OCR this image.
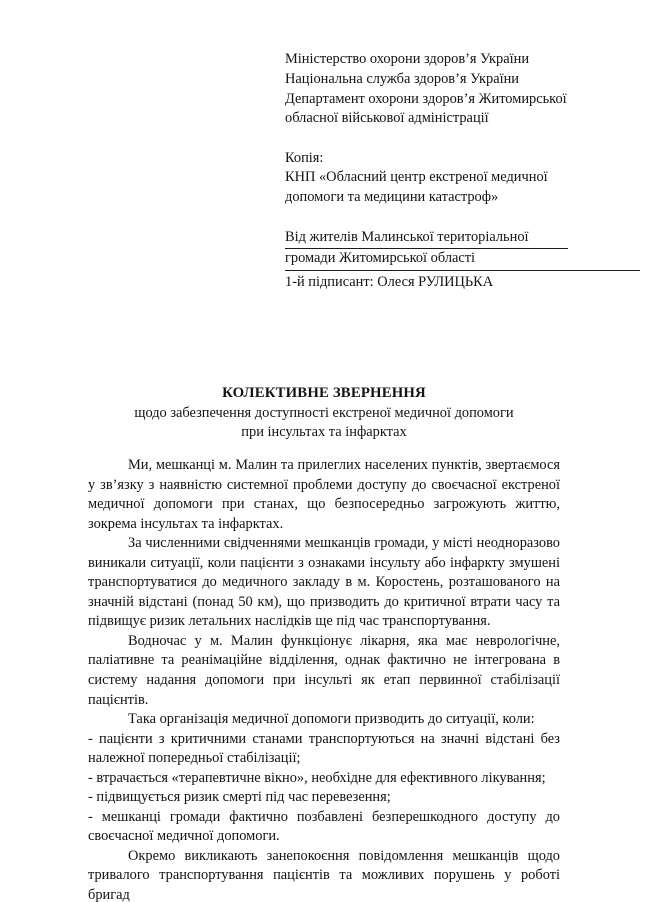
Міністерство охорони здоров’я України
Національна служба здоров’я України
Департамент охорони здоров’я Житомирської
обласної військової адміністрації
Копія:
КНП «Обласний центр екстреної медичної
допомоги та медицини катастроф»
Від жителів Малинської територіальної
громади Житомирської області
1-й підписант: Олеся РУЛИЦЬКА
КОЛЕКТИВНЕ ЗВЕРНЕННЯ
щодо забезпечення доступності екстреної медичної допомоги
при інсультах та інфарктах

Ми, мешканці м. Малин та прилеглих населених пунктів, звертаємося у зв’язку з наявністю системної проблеми доступу до своєчасної екстреної медичної допомоги при станах, що безпосередньо загрожують життю, зокрема інсультах та інфарктах.

За численними свідченнями мешканців громади, у місті неодноразово виникали ситуації, коли пацієнти з ознаками інсульту або інфаркту змушені транспортуватися до медичного закладу в м. Коростень, розташованого на значній відстані (понад 50 км), що призводить до критичної втрати часу та підвищує ризик летальних наслідків ще під час транспортування.

Водночас у м. Малин функціонує лікарня, яка має неврологічне, паліативне та реанімаційне відділення, однак фактично не інтегрована в систему надання допомоги при інсульті як етап первинної стабілізації пацієнтів.

Така організація медичної допомоги призводить до ситуації, коли:

- пацієнти з критичними станами транспортуються на значні відстані без належної попередньої стабілізації;

- втрачається «терапевтичне вікно», необхідне для ефективного лікування;

- підвищується ризик смерті під час перевезення;

- мешканці громади фактично позбавлені безперешкодного доступу до своєчасної медичної допомоги.

Окремо викликають занепокоєння повідомлення мешканців щодо тривалого транспортування пацієнтів та можливих порушень у роботі бригад
